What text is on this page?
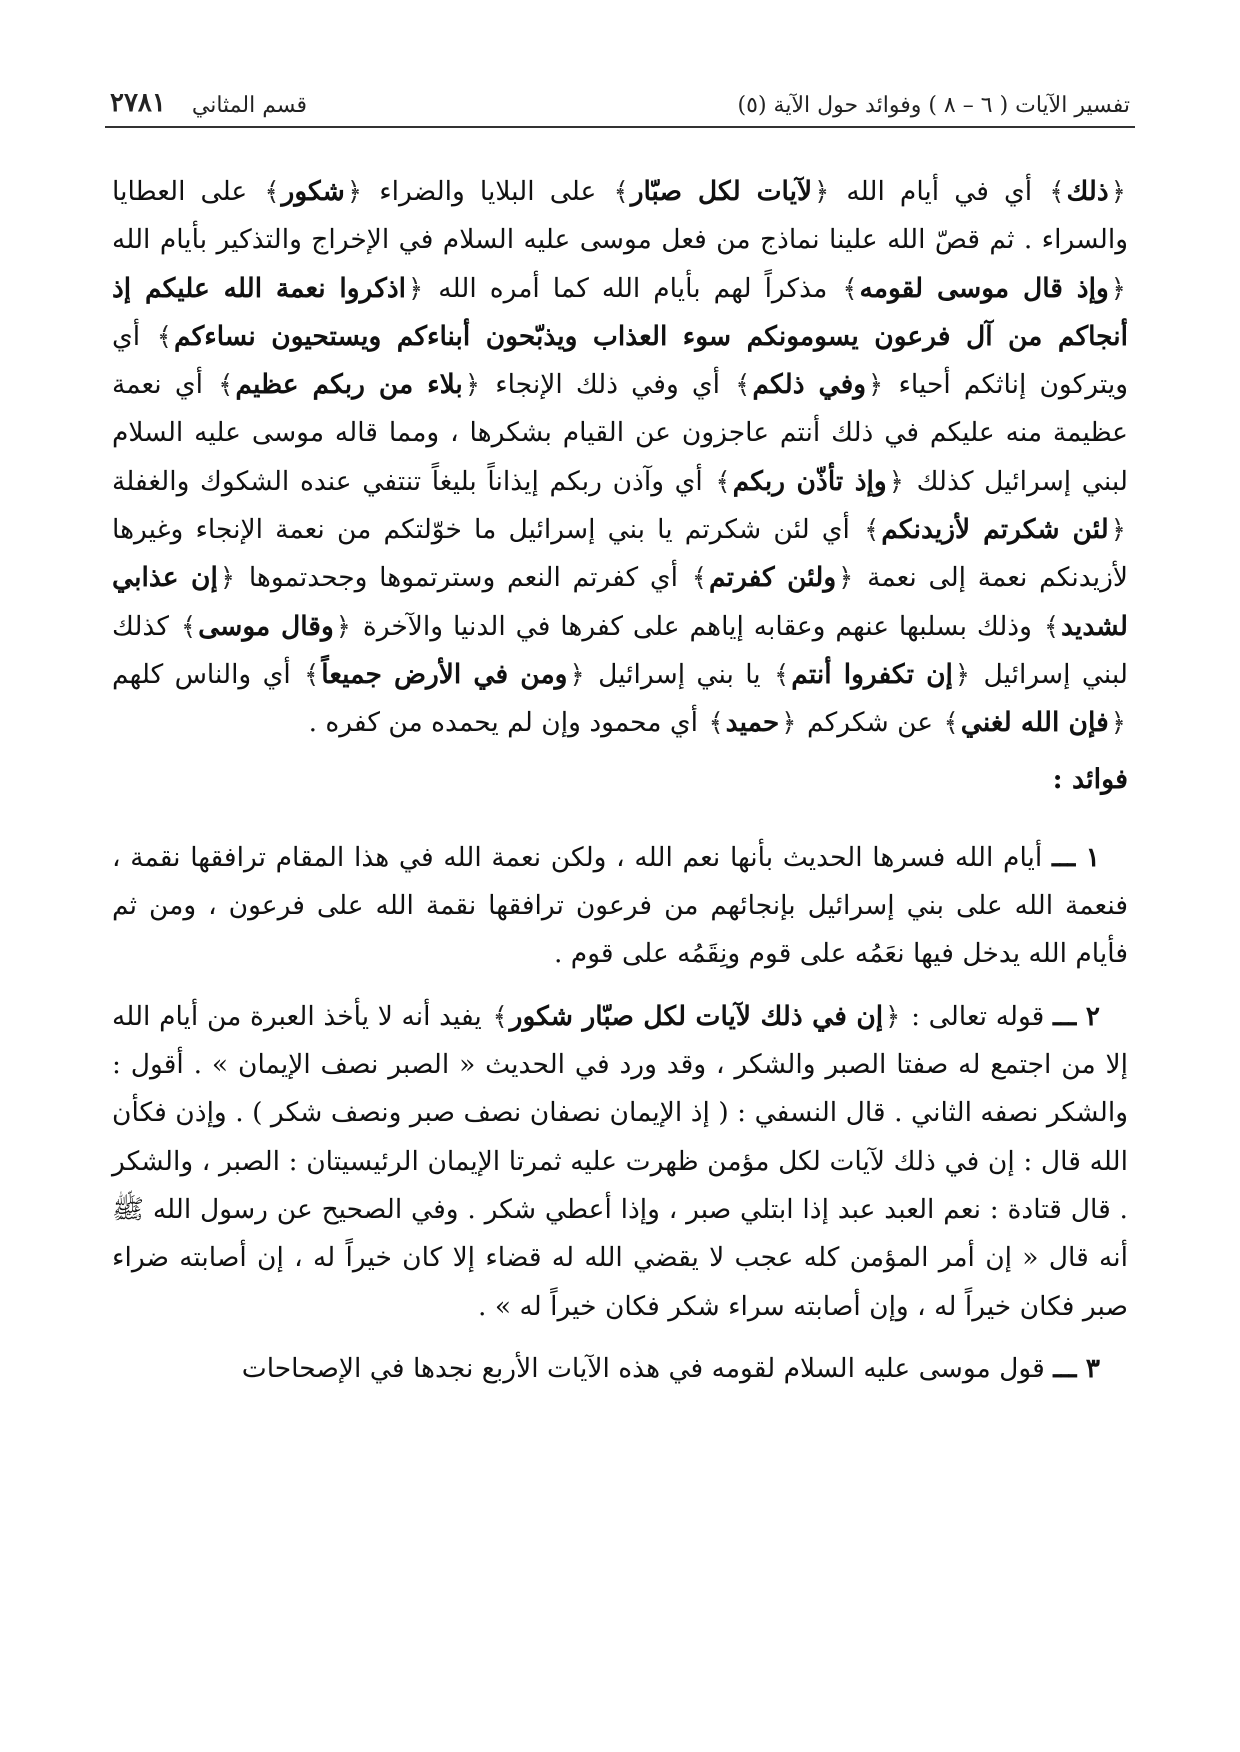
تفسير الآيات ( ٦ – ٨ ) وفوائد حول الآية (٥)
قسم المثاني
٢٧٨١

﴿ذلك﴾ أي في أيام الله ﴿لآيات لكل صبّار﴾ على البلايا والضراء ﴿شكور﴾ على العطايا والسراء . ثم قصّ الله علينا نماذج من فعل موسى عليه السلام في الإخراج والتذكير بأيام الله ﴿وإذ قال موسى لقومه﴾ مذكراً لهم بأيام الله كما أمره الله ﴿اذكروا نعمة الله عليكم إذ أنجاكم من آل فرعون يسومونكم سوء العذاب ويذبّحون أبناءكم ويستحيون نساءكم﴾ أي ويتركون إناثكم أحياء ﴿وفي ذلكم﴾ أي وفي ذلك الإنجاء ﴿بلاء من ربكم عظيم﴾ أي نعمة عظيمة منه عليكم في ذلك أنتم عاجزون عن القيام بشكرها ، ومما قاله موسى عليه السلام لبني إسرائيل كذلك ﴿وإذ تأذّن ربكم﴾ أي وآذن ربكم إيذاناً بليغاً تنتفي عنده الشكوك والغفلة ﴿لئن شكرتم لأزيدنكم﴾ أي لئن شكرتم يا بني إسرائيل ما خوّلتكم من نعمة الإنجاء وغيرها لأزيدنكم نعمة إلى نعمة ﴿ولئن كفرتم﴾ أي كفرتم النعم وسترتموها وجحدتموها ﴿إن عذابي لشديد﴾ وذلك بسلبها عنهم وعقابه إياهم على كفرها في الدنيا والآخرة ﴿وقال موسى﴾ كذلك لبني إسرائيل ﴿إن تكفروا أنتم﴾ يا بني إسرائيل ﴿ومن في الأرض جميعاً﴾ أي والناس كلهم ﴿فإن الله لغني﴾ عن شكركم ﴿حميد﴾ أي محمود وإن لم يحمده من كفره .

فوائد :

١ ـــ أيام الله فسرها الحديث بأنها نعم الله ، ولكن نعمة الله في هذا المقام ترافقها نقمة ، فنعمة الله على بني إسرائيل بإنجائهم من فرعون ترافقها نقمة الله على فرعون ، ومن ثم فأيام الله يدخل فيها نعَمُه على قوم ونِقَمُه على قوم .

٢ ـــ قوله تعالى : ﴿إن في ذلك لآيات لكل صبّار شكور﴾ يفيد أنه لا يأخذ العبرة من أيام الله إلا من اجتمع له صفتا الصبر والشكر ، وقد ورد في الحديث « الصبر نصف الإيمان » . أقول : والشكر نصفه الثاني . قال النسفي : ( إذ الإيمان نصفان نصف صبر ونصف شكر ) . وإذن فكأن الله قال : إن في ذلك لآيات لكل مؤمن ظهرت عليه ثمرتا الإيمان الرئيسيتان : الصبر ، والشكر . قال قتادة : نعم العبد عبد إذا ابتلي صبر ، وإذا أعطي شكر . وفي الصحيح عن رسول الله ﷺ أنه قال « إن أمر المؤمن كله عجب لا يقضي الله له قضاء إلا كان خيراً له ، إن أصابته ضراء صبر فكان خيراً له ، وإن أصابته سراء شكر فكان خيراً له » .

٣ ـــ قول موسى عليه السلام لقومه في هذه الآيات الأربع نجدها في الإصحاحات
